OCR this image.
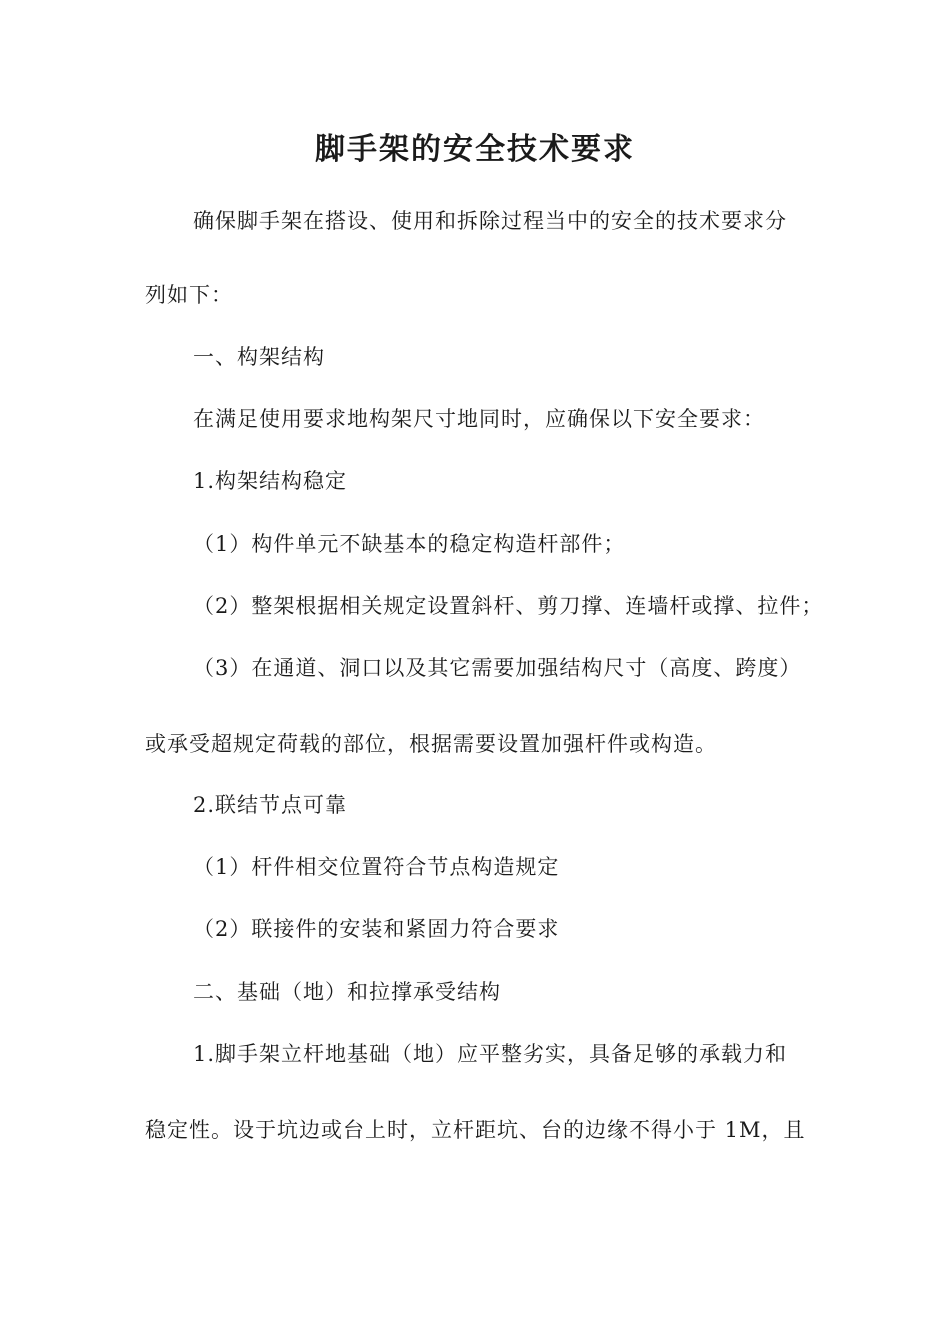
脚手架的安全技术要求
确保脚手架在搭设、使用和拆除过程当中的安全的技术要求分
列如下：
一、构架结构
在满足使用要求地构架尺寸地同时，应确保以下安全要求：
1.构架结构稳定
（1）构件单元不缺基本的稳定构造杆部件；
（2）整架根据相关规定设置斜杆、剪刀撑、连墙杆或撑、拉件；
（3）在通道、洞口以及其它需要加强结构尺寸（高度、跨度）
或承受超规定荷载的部位，根据需要设置加强杆件或构造。
2.联结节点可靠
（1）杆件相交位置符合节点构造规定
（2）联接件的安装和紧固力符合要求
二、基础（地）和拉撑承受结构
1.脚手架立杆地基础（地）应平整劣实，具备足够的承载力和
稳定性。设于坑边或台上时，立杆距坑、台的边缘不得小于 1M，且
